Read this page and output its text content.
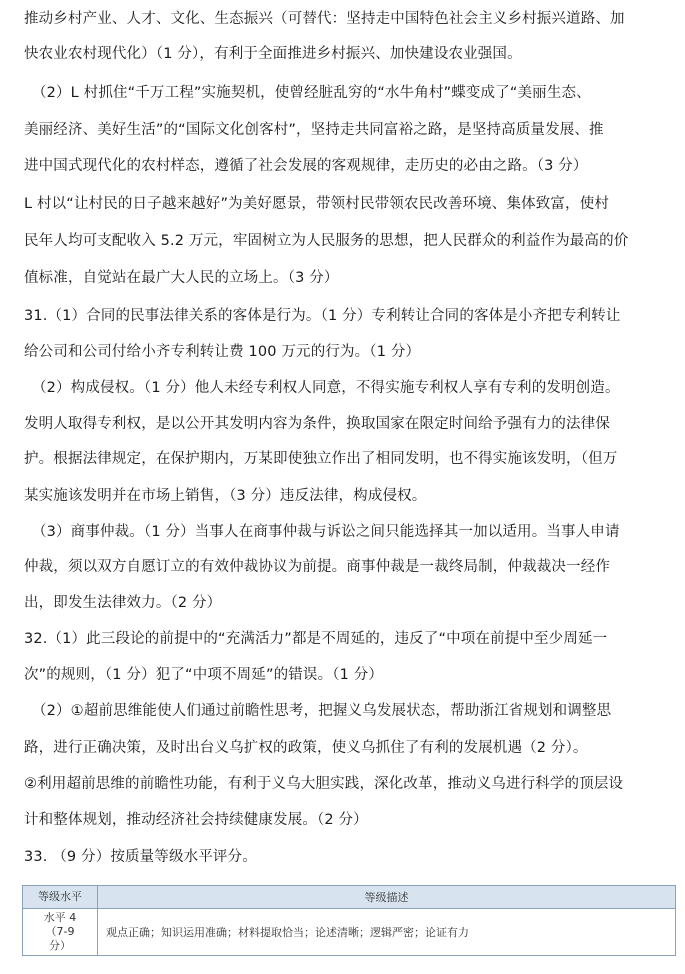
推动乡村产业、人才、文化、生态振兴（可替代：坚持走中国特色社会主义乡村振兴道路、加
快农业农村现代化）（1 分），有利于全面推进乡村振兴、加快建设农业强国。
（2）L 村抓住“千万工程”实施契机，使曾经脏乱穷的“水牛角村”蝶变成了“美丽生态、
美丽经济、美好生活”的“国际文化创客村”，坚持走共同富裕之路，是坚持高质量发展、推
进中国式现代化的农村样态，遵循了社会发展的客观规律，走历史的必由之路。（3 分）
L 村以“让村民的日子越来越好”为美好愿景，带领村民带领农民改善环境、集体致富，使村
民年人均可支配收入 5.2 万元，牢固树立为人民服务的思想，把人民群众的利益作为最高的价
值标准，自觉站在最广大人民的立场上。（3 分）
31.（1）合同的民事法律关系的客体是行为。（1 分）专利转让合同的客体是小齐把专利转让
给公司和公司付给小齐专利转让费 100 万元的行为。（1 分）
（2）构成侵权。（1 分）他人未经专利权人同意，不得实施专利权人享有专利的发明创造。
发明人取得专利权，是以公开其发明内容为条件，换取国家在限定时间给予强有力的法律保
护。根据法律规定，在保护期内，万某即使独立作出了相同发明，也不得实施该发明，（但万
某实施该发明并在市场上销售，（3 分）违反法律，构成侵权。
（3）商事仲裁。（1 分）当事人在商事仲裁与诉讼之间只能选择其一加以适用。当事人申请
仲裁，须以双方自愿订立的有效仲裁协议为前提。商事仲裁是一裁终局制，仲裁裁决一经作
出，即发生法律效力。（2 分）
32.（1）此三段论的前提中的“充满活力”都是不周延的，违反了“中项在前提中至少周延一
次”的规则，（1 分）犯了“中项不周延”的错误。（1 分）
（2）①超前思维能使人们通过前瞻性思考，把握义乌发展状态，帮助浙江省规划和调整思
路，进行正确决策，及时出台义乌扩权的政策，使义乌抓住了有利的发展机遇（2 分）。
②利用超前思维的前瞻性功能，有利于义乌大胆实践，深化改革，推动义乌进行科学的顶层设
计和整体规划，推动经济社会持续健康发展。（2 分）
33. （9 分）按质量等级水平评分。
等级水平	等级描述

水平 4
（7-9
分）	观点正确；知识运用准确；材料提取恰当；论述清晰；逻辑严密；论证有力
